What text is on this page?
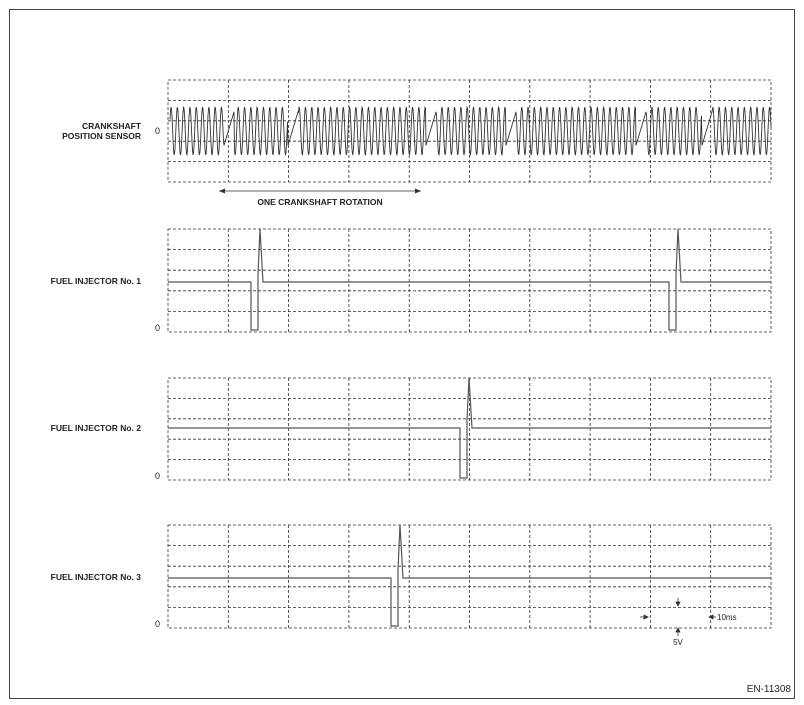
CRANKSHAFT
POSITION SENSOR 0
ONE CRANKSHAFT ROTATION
FUEL INJECTOR No. 1
0
FUEL INJECTOR No. 2
0
FUEL INJECTOR No. 3
0
10ms
5V
EN-11308
